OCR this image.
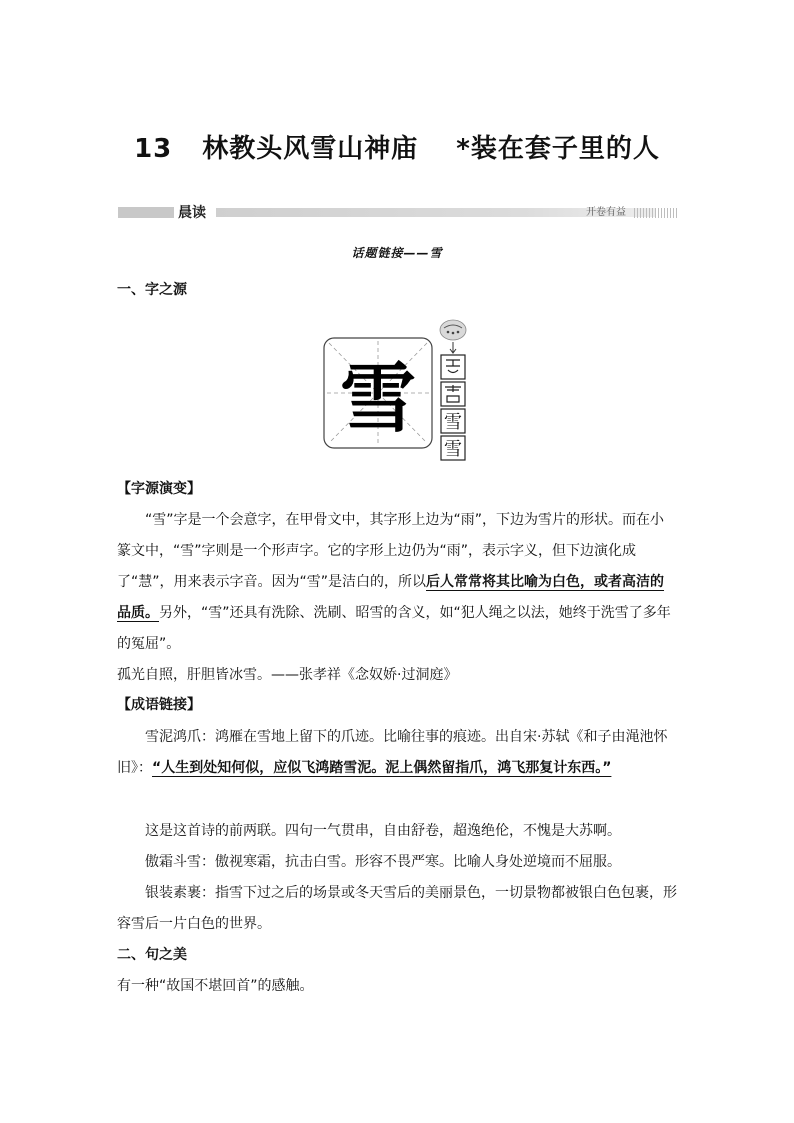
13 林教头风雪山神庙 *装在套子里的人
晨读	开卷有益
话题链接——雪
一、字之源
雪 雪
雪
【字源演变】
“雪”字是一个会意字，在甲骨文中，其字形上边为“雨”，下边为雪片的形状。而在小篆文中，“雪”字则是一个形声字。它的字形上边仍为“雨”，表示字义，但下边演化成了“慧”，用来表示字音。因为“雪”是洁白的，所以后人常常将其比喻为白色，或者高洁的品质。另外，“雪”还具有洗除、洗刷、昭雪的含义，如“犯人绳之以法，她终于洗雪了多年的冤屈”。
孤光自照，肝胆皆冰雪。——张孝祥《念奴娇·过洞庭》
【成语链接】
雪泥鸿爪：鸿雁在雪地上留下的爪迹。比喻往事的痕迹。出自宋·苏轼《和子由渑池怀旧》：“人生到处知何似，应似飞鸿踏雪泥。泥上偶然留指爪，鸿飞那复计东西。”
这是这首诗的前两联。四句一气贯串，自由舒卷，超逸绝伦，不愧是大苏啊。
傲霜斗雪：傲视寒霜，抗击白雪。形容不畏严寒。比喻人身处逆境而不屈服。
银装素裹：指雪下过之后的场景或冬天雪后的美丽景色，一切景物都被银白色包裹，形容雪后一片白色的世界。
二、句之美
有一种“故国不堪回首”的感触。
